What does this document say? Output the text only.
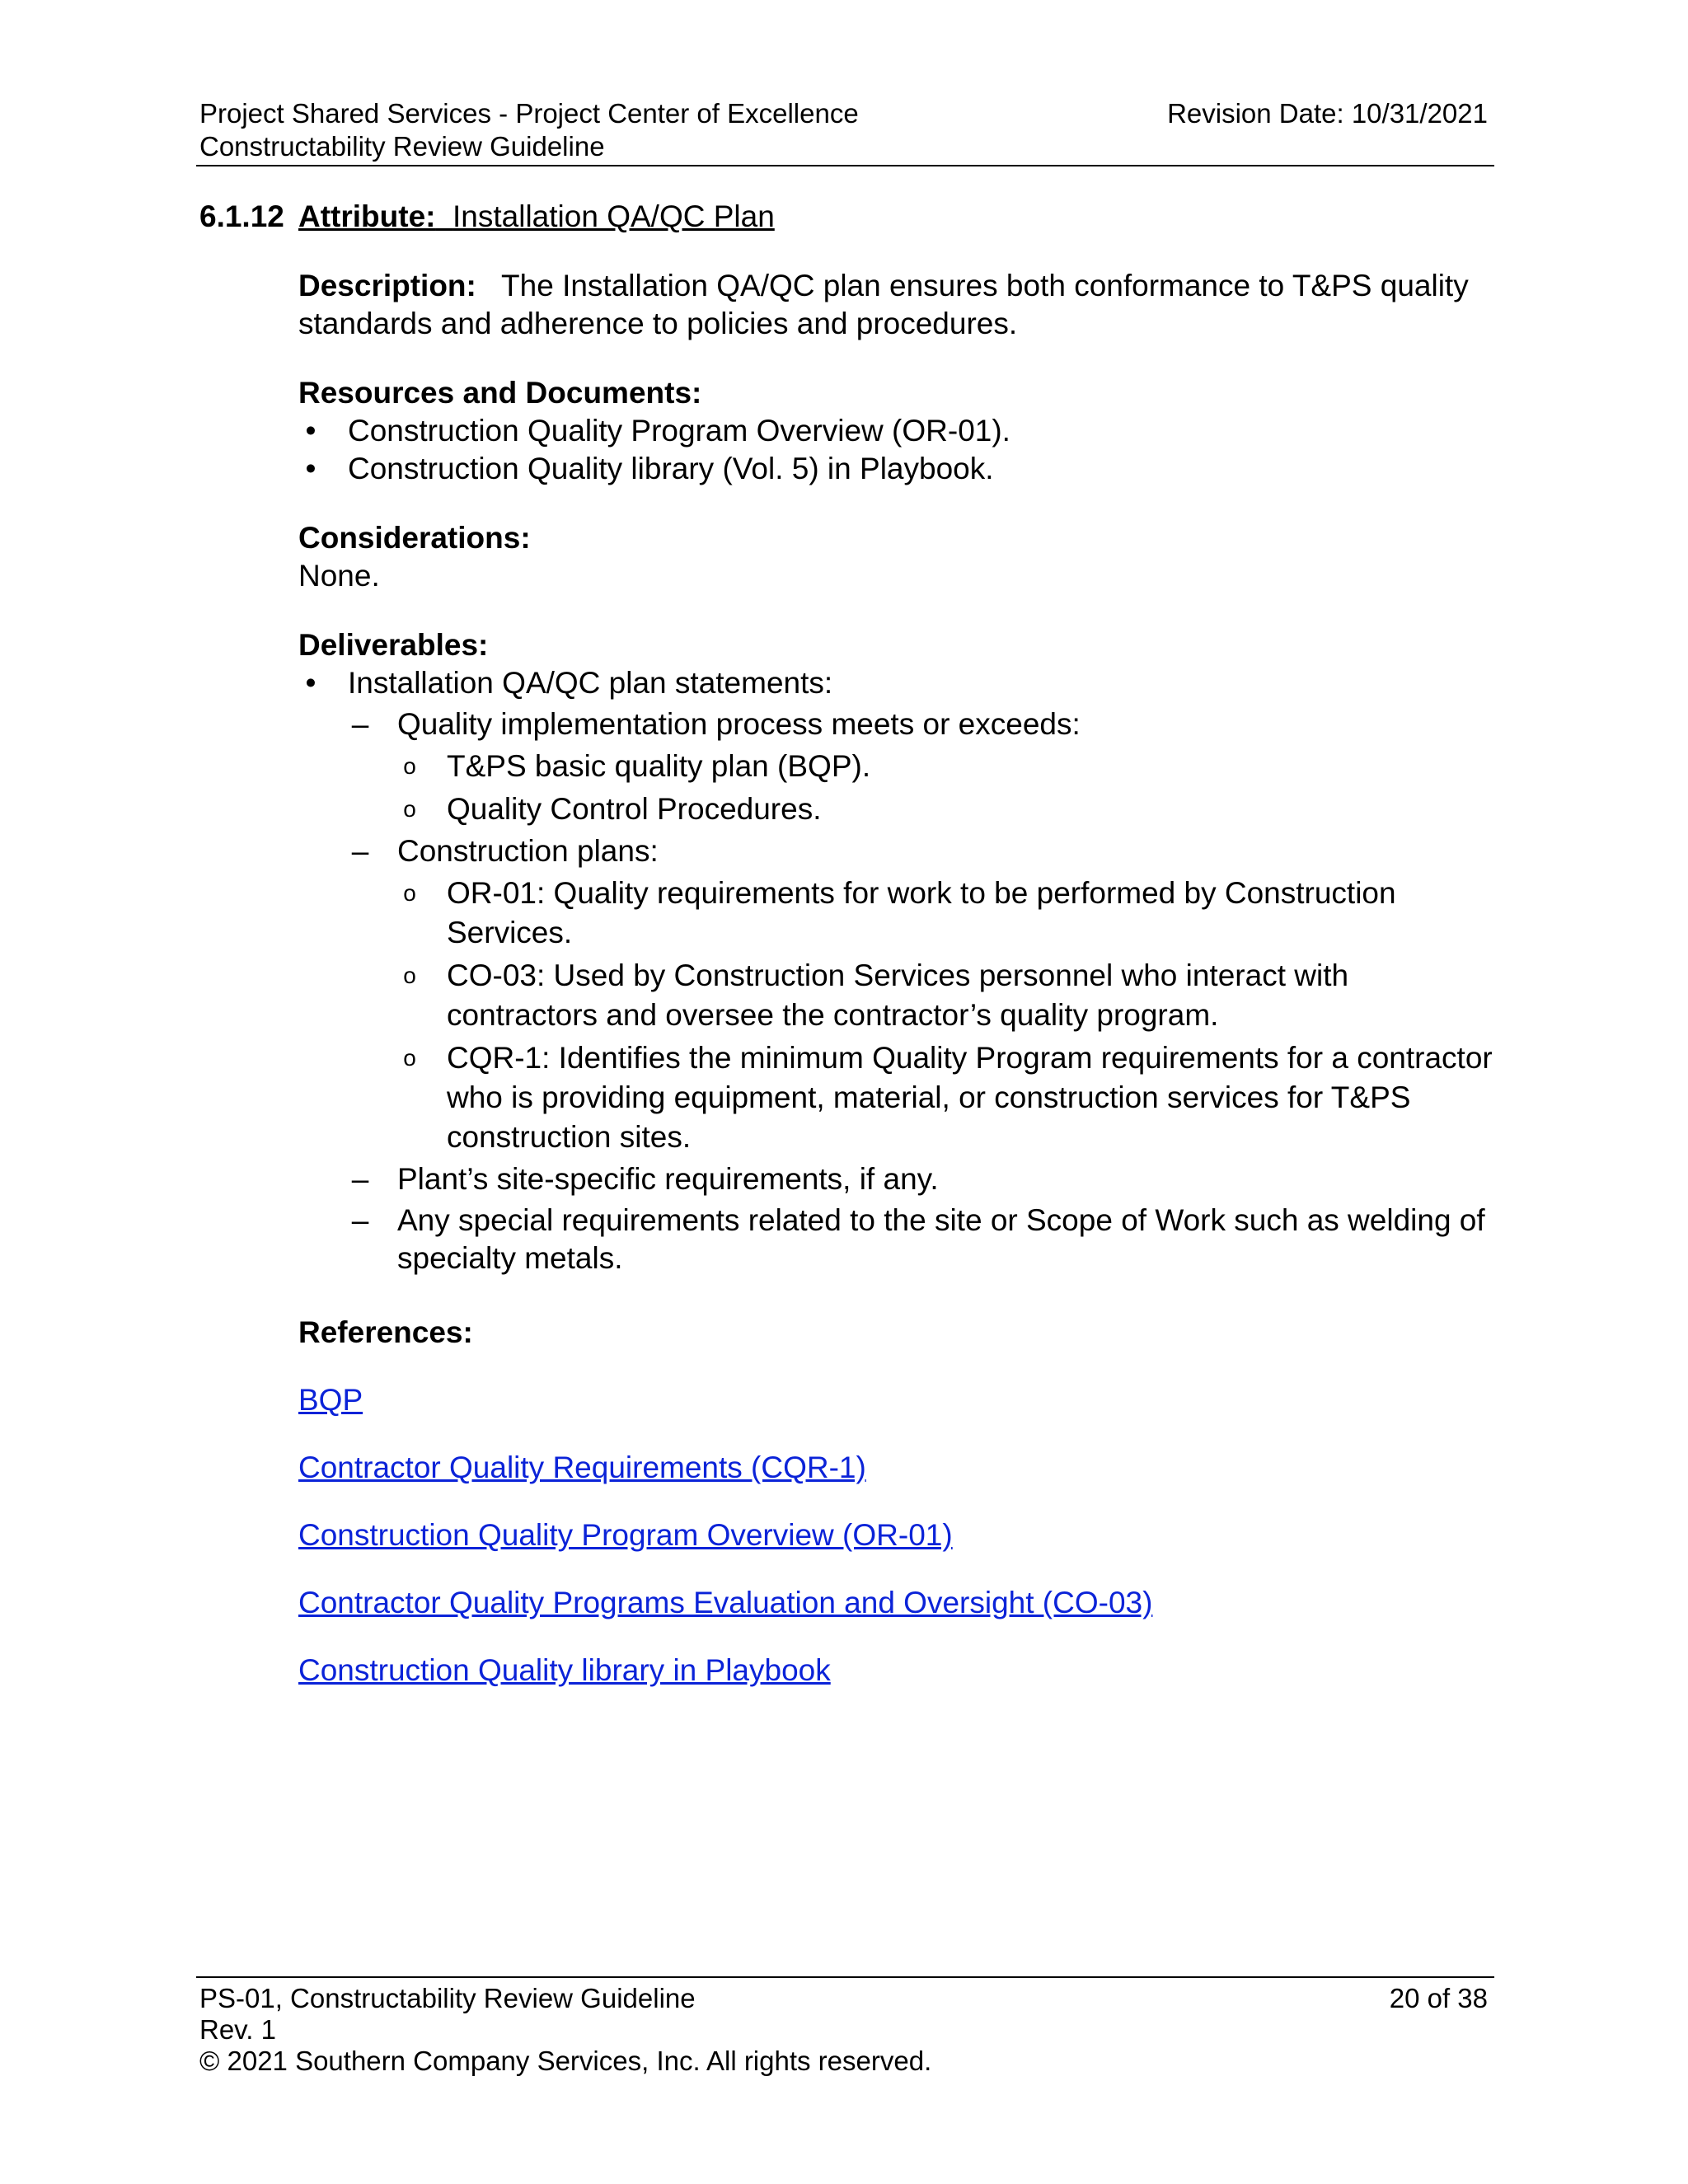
Project Shared Services - Project Center of Excellence
Constructability Review Guideline
Revision Date: 10/31/2021
6.1.12 Attribute: Installation QA/QC Plan
Description: The Installation QA/QC plan ensures both conformance to T&PS quality standards and adherence to policies and procedures.
Resources and Documents:
• Construction Quality Program Overview (OR-01).
• Construction Quality library (Vol. 5) in Playbook.
Considerations:
None.
Deliverables:
• Installation QA/QC plan statements:
– Quality implementation process meets or exceeds:
o T&PS basic quality plan (BQP).
o Quality Control Procedures.
– Construction plans:
o OR-01: Quality requirements for work to be performed by Construction Services.
o CO-03: Used by Construction Services personnel who interact with contractors and oversee the contractor’s quality program.
o CQR-1: Identifies the minimum Quality Program requirements for a contractor who is providing equipment, material, or construction services for T&PS construction sites.
– Plant’s site-specific requirements, if any.
– Any special requirements related to the site or Scope of Work such as welding of specialty metals.
References:
BQP
Contractor Quality Requirements (CQR-1)
Construction Quality Program Overview (OR-01)
Contractor Quality Programs Evaluation and Oversight (CO-03)
Construction Quality library in Playbook
PS-01, Constructability Review Guideline	20 of 38
Rev. 1
© 2021 Southern Company Services, Inc. All rights reserved.
